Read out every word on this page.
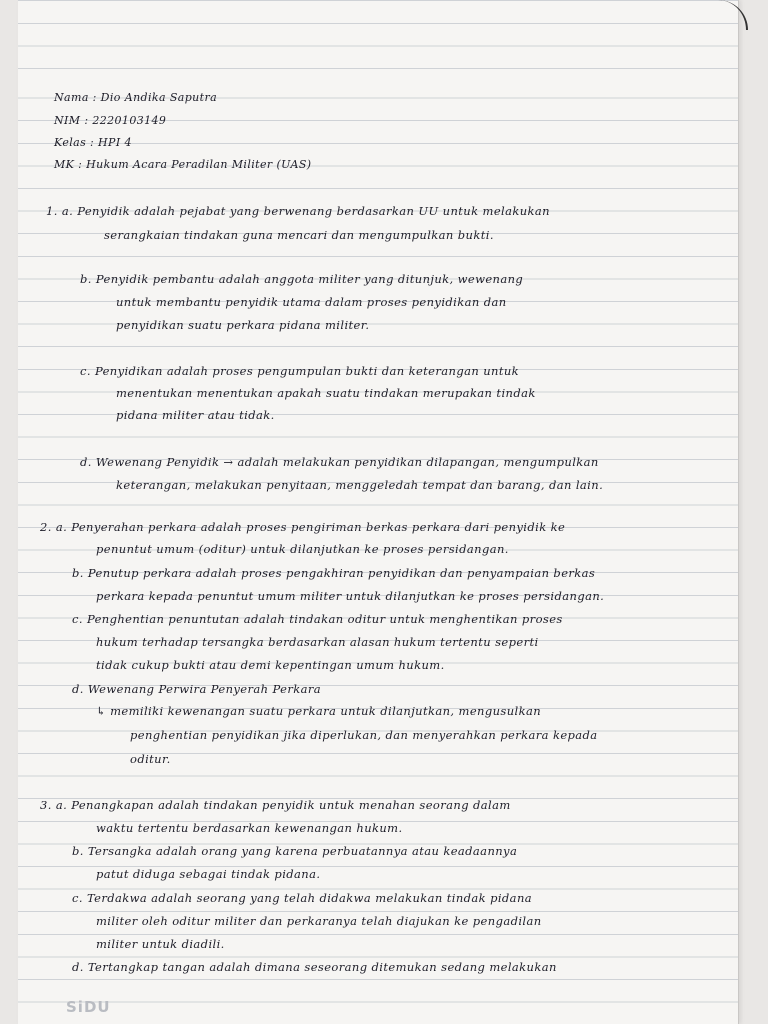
Nama : Dio Andika Saputra
NIM : 2220103149
Kelas : HPI 4
MK : Hukum Acara Peradilan Militer (UAS)
1. a. Penyidik adalah pejabat yang berwenang berdasarkan UU untuk melakukan
serangkaian tindakan guna mencari dan mengumpulkan bukti.
b. Penyidik pembantu adalah anggota militer yang ditunjuk, wewenang
untuk membantu penyidik utama dalam proses penyidikan dan
penyidikan suatu perkara pidana militer.
c. Penyidikan adalah proses pengumpulan bukti dan keterangan untuk
menentukan menentukan apakah suatu tindakan merupakan tindak
pidana militer atau tidak.
d. Wewenang Penyidik → adalah melakukan penyidikan dilapangan, mengumpulkan
keterangan, melakukan penyitaan, menggeledah tempat dan barang, dan lain.
2. a. Penyerahan perkara adalah proses pengiriman berkas perkara dari penyidik ke
penuntut umum (oditur) untuk dilanjutkan ke proses persidangan.
b. Penutup perkara adalah proses pengakhiran penyidikan dan penyampaian berkas
perkara kepada penuntut umum militer untuk dilanjutkan ke proses persidangan.
c. Penghentian penuntutan adalah tindakan oditur untuk menghentikan proses
hukum terhadap tersangka berdasarkan alasan hukum tertentu seperti
tidak cukup bukti atau demi kepentingan umum hukum.
d. Wewenang Perwira Penyerah Perkara
↳ memiliki kewenangan suatu perkara untuk dilanjutkan, mengusulkan
penghentian penyidikan jika diperlukan, dan menyerahkan perkara kepada
oditur.
3. a. Penangkapan adalah tindakan penyidik untuk menahan seorang dalam
waktu tertentu berdasarkan kewenangan hukum.
b. Tersangka adalah orang yang karena perbuatannya atau keadaannya
patut diduga sebagai tindak pidana.
c. Terdakwa adalah seorang yang telah didakwa melakukan tindak pidana
militer oleh oditur militer dan perkaranya telah diajukan ke pengadilan
militer untuk diadili.
d. Tertangkap tangan adalah dimana seseorang ditemukan sedang melakukan
SiDU
